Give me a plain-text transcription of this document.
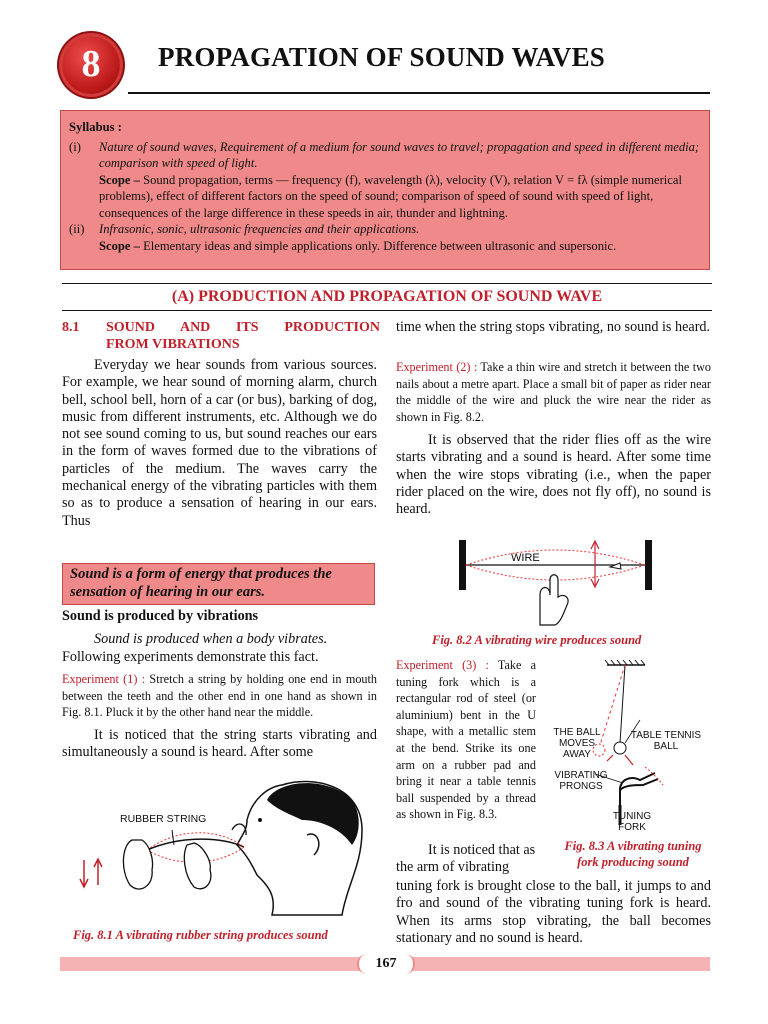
8	PROPAGATION OF SOUND WAVES

Syllabus :

(i)	Nature of sound waves, Requirement of a medium for sound waves to travel; propagation and speed in different media; comparison with speed of light.

Scope – Sound propagation, terms — frequency (f), wavelength (λ), velocity (V), relation V = fλ (simple numerical problems), effect of different factors on the speed of sound; comparison of speed of sound with speed of light, consequences of the large difference in these speeds in air, thunder and lightning.

(ii)	Infrasonic, sonic, ultrasonic frequencies and their applications.

Scope – Elementary ideas and simple applications only. Difference between ultrasonic and supersonic.

(A) PRODUCTION AND PROPAGATION OF SOUND WAVE
8.1	SOUND AND ITS PRODUCTION
FROM VIBRATIONS
Everyday we hear sounds from various sources. For example, we hear sound of morning alarm, church bell, school bell, horn of a car (or bus), barking of dog, music from different instruments, etc. Although we do not see sound coming to us, but sound reaches our ears in the form of waves formed due to the vibrations of particles of the medium. The waves carry the mechanical energy of the vibrating particles with them so as to produce a sensation of hearing in our ears. Thus
Sound is a form of energy that produces the sensation of hearing in our ears.
Sound is produced by vibrations
Sound is produced when a body vibrates.
Following experiments demonstrate this fact.
Experiment (1) : Stretch a string by holding one end in mouth between the teeth and the other end in one hand as shown in Fig. 8.1. Pluck it by the other hand near the middle.
It is noticed that the string starts vibrating and simultaneously a sound is heard. After some
RUBBER STRING
Fig. 8.1 A vibrating rubber string produces sound
time when the string stops vibrating, no sound is heard.
Experiment (2) : Take a thin wire and stretch it between the two nails about a metre apart. Place a small bit of paper as rider near the middle of the wire and pluck the wire near the rider as shown in Fig. 8.2.
It is observed that the rider flies off as the wire starts vibrating and a sound is heard. After some time when the wire stops vibrating (i.e., when the paper rider placed on the wire, does not fly off), no sound is heard.
WIRE
Fig. 8.2 A vibrating wire produces sound
Experiment (3) : Take a tuning fork which is a rectangular rod of steel (or aluminium) bent in the U shape, with a metallic stem at the bend. Strike its one arm on a rubber pad and bring it near a table tennis ball suspended by a thread as shown in Fig. 8.3.
THE BALL
MOVES
AWAY
TABLE TENNIS
BALL
VIBRATING
PRONGS
TUNING
FORK
Fig. 8.3 A vibrating tuning
fork producing sound
It is noticed that as the arm of vibrating
tuning fork is brought close to the ball, it jumps to and fro and sound of the vibrating tuning fork is heard. When its arms stop vibrating, the ball becomes stationary and no sound is heard.
167
